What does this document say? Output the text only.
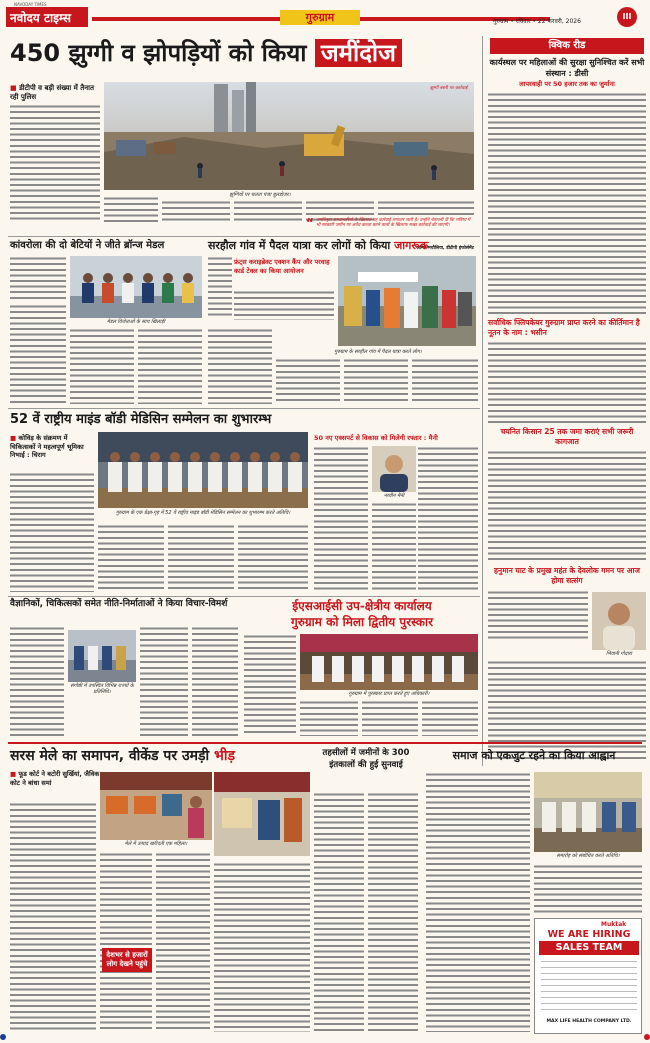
नवोदय टाइम्स
NAVODAY TIMES
गुरुग्राम	गुरुग्राम • रविवार • 22 फरवरी, 2026
III
450 झुग्गी व झोपड़ियों को किया जमींदोज
■ डीटीपी व बड़ी संख्या में तैनात रही पुलिस
झुग्गी बस्ती पर कार्रवाई
झुग्गियों पर चलता पंजा बुलडोजर।
“ अनधिकृत कब्जाधारियों के खिलाफ यह कार्रवाई लगातार जारी है। उन्होंने चेतावनी दी कि भविष्य में भी सरकारी जमीन पर अवैध कब्जा करने वालों के खिलाफ सख्त कार्रवाई की जाएगी।
- अमित मधौलिया, डीटीपी इंफोर्समेंट
क्विक रीड
कार्यस्थल पर महिलाओं की सुरक्षा सुनिश्चित करें सभी संस्थान : डीसी
लापरवाही पर 50 हजार तक का जुर्माना
सर्वाधिक फ्लिपकेयर गुरुग्राम प्राप्त करने का कीर्तिमान है नूतन के नाम : भसीन
चयनित किसान 25 तक जमा कराएं सभी जरूरी कागजात
हनुमान घाट के प्रमुख महंत के देवलोक गमन पर आज होगा सत्संग
भिवानी गोदारा
कांवरोला की दो बेटियों ने जीते ब्रॉन्ज मेडल
मेडल विजेताओं के साथ खिलाड़ी
सरहौल गांव में पैदल यात्रा कर लोगों को किया जागरूक
फ्रंट्स कराइब्रेक्ट एक्शन कैंप और परवाह कार्ड टेक्ल का किया आयोजन
गुरुग्राम के सरहौल गांव में पैदल यात्रा करते लोग।
52 वें राष्ट्रीय माइंड बॉडी मेडिसिन सम्मेलन का शुभारम्भ
■ कोविड़ के संक्रमण में चिकित्सकों ने महत्वपूर्ण भूमिका निभाई : चिराग
गुरुग्राम के एक प्रेक्षा-गृह में 52 वें राष्ट्रीय माइंड बॉडी मेडिसिन सम्मेलन का शुभारम्भ करते अतिथि।
50 नए एक्सपर्ट से विकास को मिलेगी रफ्तार : मैनी
नरवीन मैनी
वैज्ञानिकों, चिकित्सकों समेत नीति-निर्माताओं ने किया विचार-विमर्श
संगोष्ठी में उपस्थित विभिन्न राज्यों के प्रतिनिधि।
ईएसआईसी उप-क्षेत्रीय कार्यालय
गुरुग्राम को मिला द्वितीय पुरस्कार
गुरुग्राम में पुरस्कार प्राप्त करते हुए अधिकारी।
सरस मेले का समापन, वीकेंड पर उमड़ी भीड़
■ फूड कोर्ट ने बटोरी सुर्खियां, जैविक कोट ने बांधा समां
मेले में उत्पाद खरीदती एक महिला।
देशभर से हजारों लोग देखने पहुंचे
तहसीलों में जमीनों के 300 इंतकालों की हुई सुनवाई
समाज को एकजुट रहने का किया आह्वान
समारोह को संबोधित करते अतिथि।
Muktak
WE ARE HIRING
SALES TEAM
MAX LIFE HEALTH COMPANY LTD.
